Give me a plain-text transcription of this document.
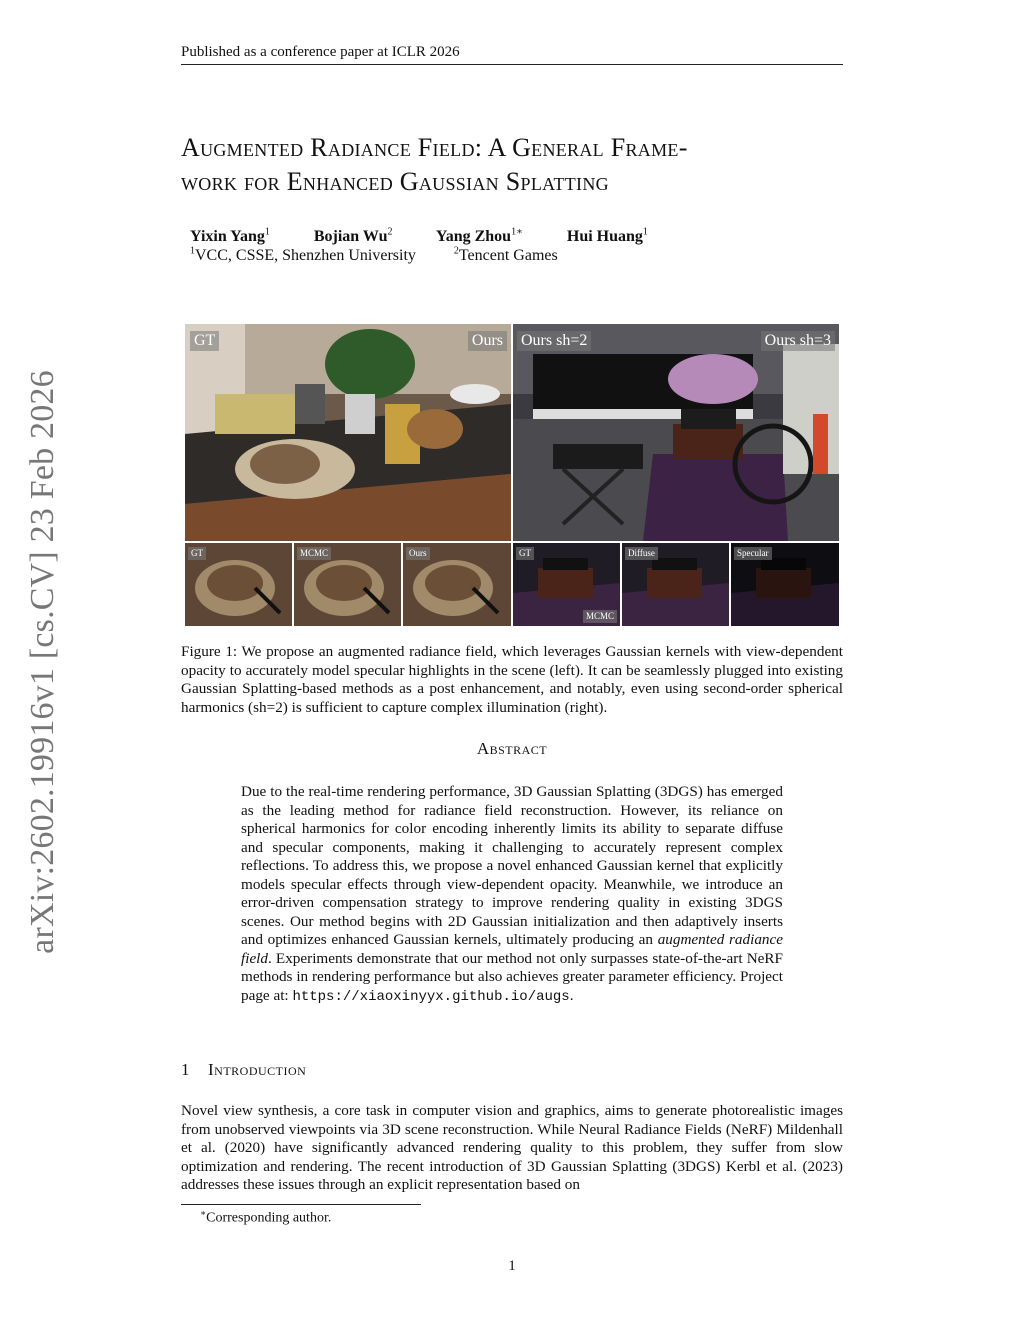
Published as a conference paper at ICLR 2026
arXiv:2602.19916v1 [cs.CV] 23 Feb 2026
Augmented Radiance Field: A General Frame-
work for Enhanced Gaussian Splatting
Yixin Yang$^1$	Bojian Wu$^2$	Yang Zhou$^{1∗}$	Hui Huang$^1$
$^1$VCC, CSSE, Shenzhen University	$^2$Tencent Games
GT	Ours Ours sh=2	Ours sh=3
GT	MCMC	Ours	GT
MCMC
Diffuse	Specular
Figure 1: We propose an augmented radiance field, which leverages Gaussian kernels with view-dependent opacity to accurately model specular highlights in the scene (left). It can be seamlessly plugged into existing Gaussian Splatting-based methods as a post enhancement, and notably, even using second-order spherical harmonics (sh=2) is sufficient to capture complex illumination (right).
Abstract
Due to the real-time rendering performance, 3D Gaussian Splatting (3DGS) has emerged as the leading method for radiance field reconstruction. However, its reliance on spherical harmonics for color encoding inherently limits its ability to separate diffuse and specular components, making it challenging to accurately represent complex reflections. To address this, we propose a novel enhanced Gaussian kernel that explicitly models specular effects through view-dependent opacity. Meanwhile, we introduce an error-driven compensation strategy to improve rendering quality in existing 3DGS scenes. Our method begins with 2D Gaussian initialization and then adaptively inserts and optimizes enhanced Gaussian kernels, ultimately producing an augmented radiance field. Experiments demonstrate that our method not only surpasses state-of-the-art NeRF methods in rendering performance but also achieves greater parameter efficiency. Project page at: https://xiaoxinyyx.github.io/augs.
1 Introduction
Novel view synthesis, a core task in computer vision and graphics, aims to generate photorealistic images from unobserved viewpoints via 3D scene reconstruction. While Neural Radiance Fields (NeRF) Mildenhall et al. (2020) have significantly advanced rendering quality to this problem, they suffer from slow optimization and rendering. The recent introduction of 3D Gaussian Splatting (3DGS) Kerbl et al. (2023) addresses these issues through an explicit representation based on
∗Corresponding author.
1
